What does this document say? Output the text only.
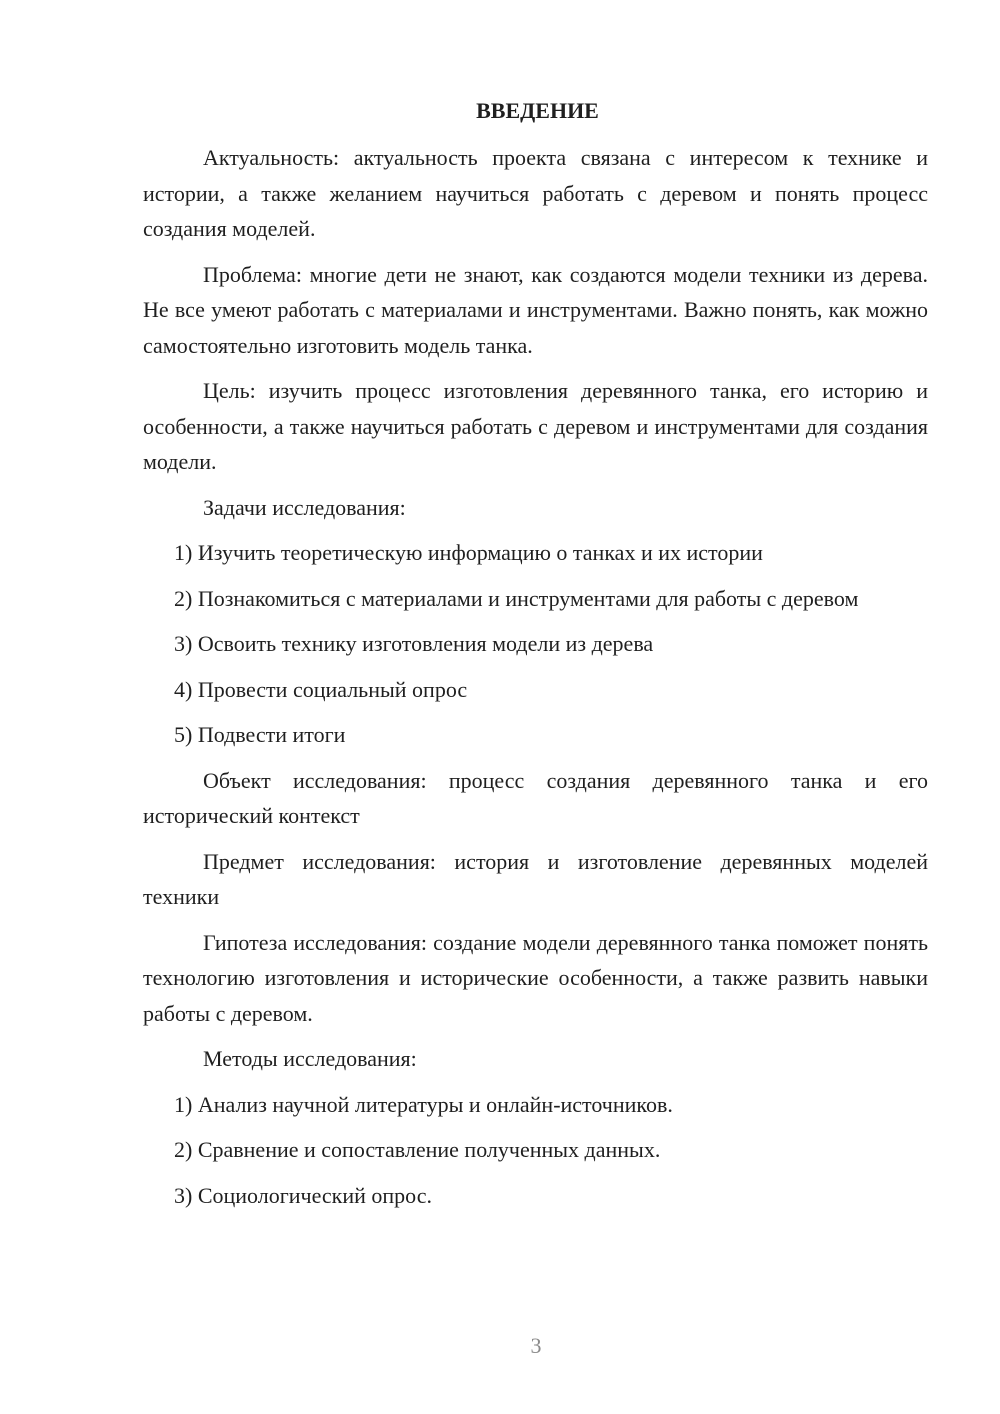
ВВЕДЕНИЕ

Актуальность: актуальность проекта связана с интересом к технике и истории, а также желанием научиться работать с деревом и понять процесс создания моделей.

Проблема: многие дети не знают, как создаются модели техники из дерева. Не все умеют работать с материалами и инструментами. Важно понять, как можно самостоятельно изготовить модель танка.

Цель: изучить процесс изготовления деревянного танка, его историю и особенности, а также научиться работать с деревом и инструментами для создания модели.

Задачи исследования:

1) Изучить теоретическую информацию о танках и их истории

2) Познакомиться с материалами и инструментами для работы с деревом

3) Освоить технику изготовления модели из дерева

4) Провести социальный опрос

5) Подвести итоги

Объект исследования: процесс создания деревянного танка и его исторический контекст

Предмет исследования: история и изготовление деревянных моделей техники

Гипотеза исследования: создание модели деревянного танка поможет понять технологию изготовления и исторические особенности, а также развить навыки работы с деревом.

Методы исследования:

1) Анализ научной литературы и онлайн-источников.

2) Сравнение и сопоставление полученных данных.

3) Социологический опрос.

3
